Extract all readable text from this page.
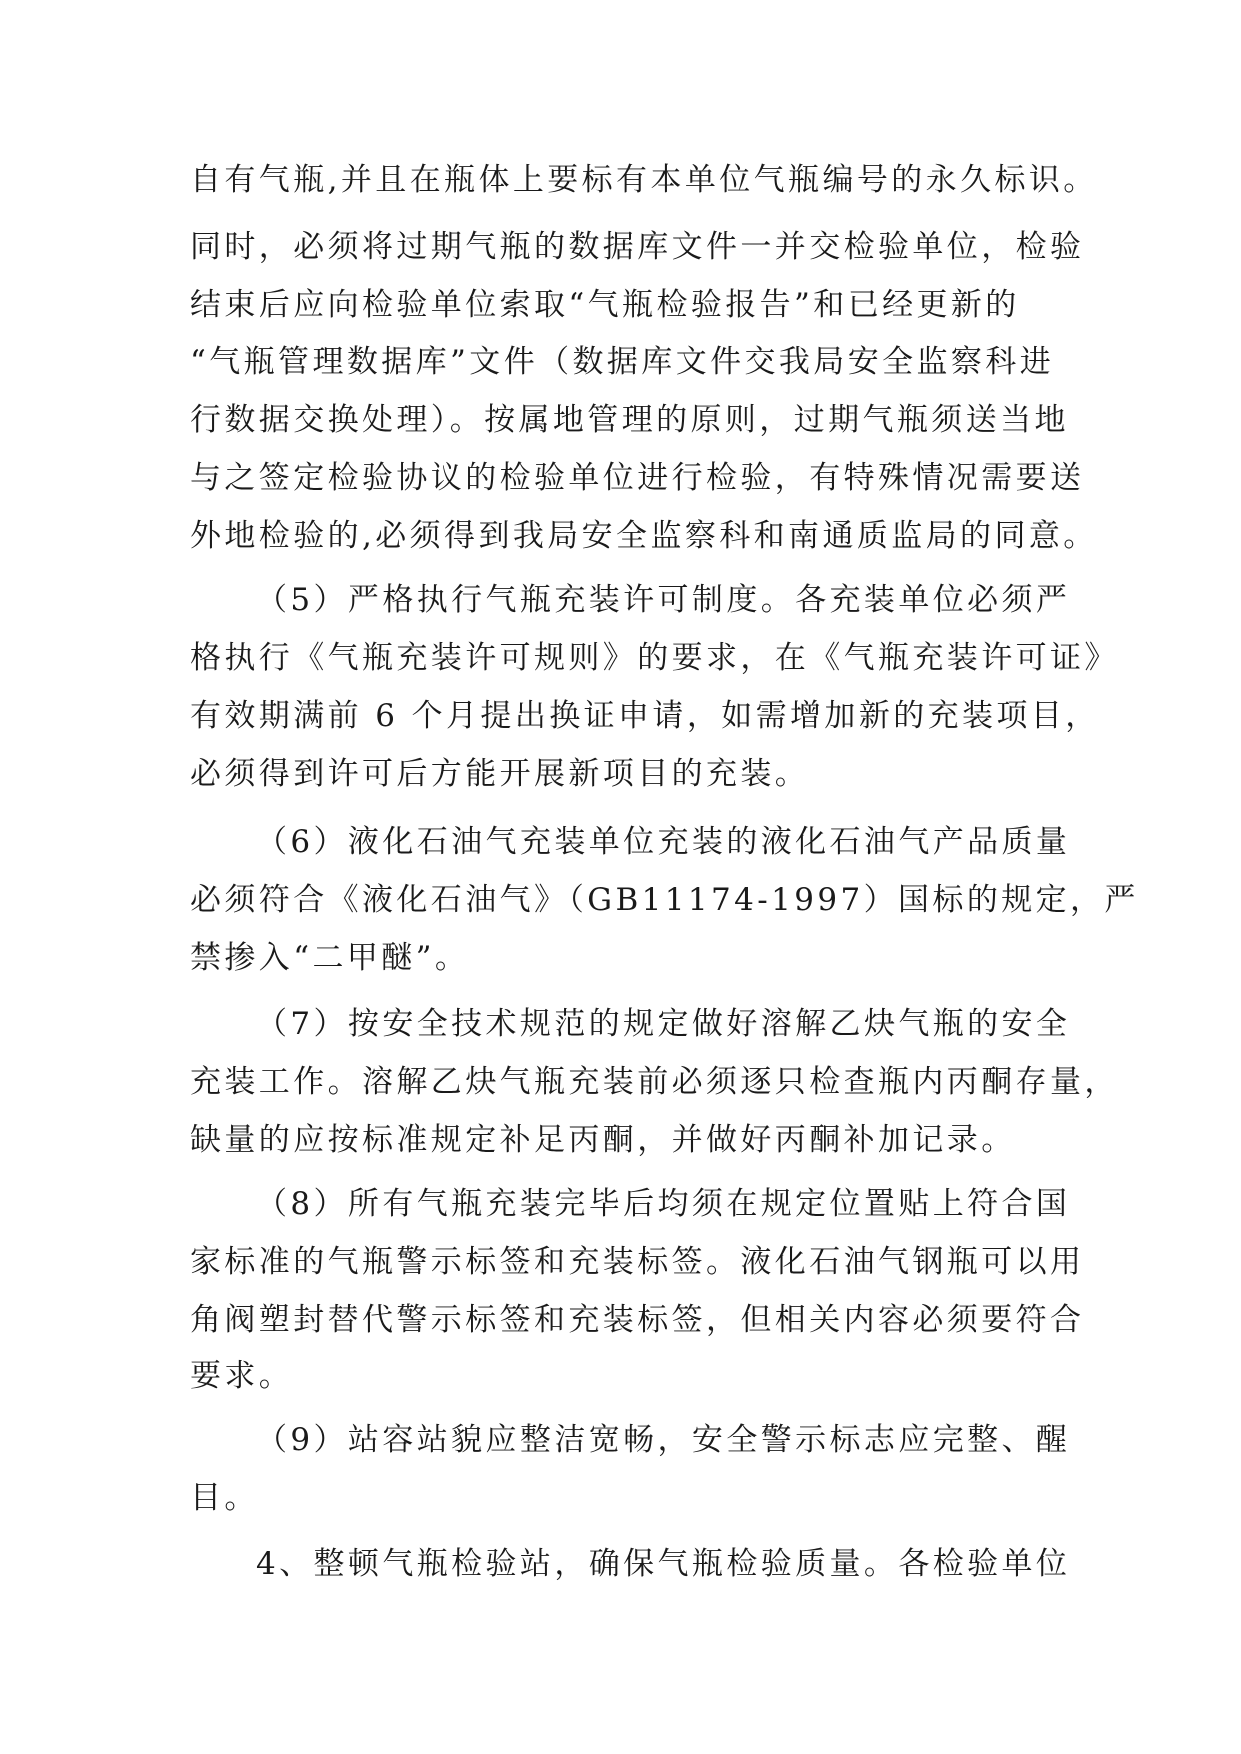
自有气瓶,并且在瓶体上要标有本单位气瓶编号的永久标识。
同时，必须将过期气瓶的数据库文件一并交检验单位，检验
结束后应向检验单位索取“气瓶检验报告”和已经更新的
“气瓶管理数据库”文件（数据库文件交我局安全监察科进
行数据交换处理）。按属地管理的原则，过期气瓶须送当地
与之签定检验协议的检验单位进行检验，有特殊情况需要送
外地检验的,必须得到我局安全监察科和南通质监局的同意。
（5）严格执行气瓶充装许可制度。各充装单位必须严
格执行《气瓶充装许可规则》的要求，在《气瓶充装许可证》
有效期满前 6 个月提出换证申请，如需增加新的充装项目，
必须得到许可后方能开展新项目的充装。
（6）液化石油气充装单位充装的液化石油气产品质量
必须符合《液化石油气》（GB11174-1997）国标的规定，严
禁掺入“二甲醚”。
（7）按安全技术规范的规定做好溶解乙炔气瓶的安全
充装工作。溶解乙炔气瓶充装前必须逐只检查瓶内丙酮存量，
缺量的应按标准规定补足丙酮，并做好丙酮补加记录。
（8）所有气瓶充装完毕后均须在规定位置贴上符合国
家标准的气瓶警示标签和充装标签。液化石油气钢瓶可以用
角阀塑封替代警示标签和充装标签，但相关内容必须要符合
要求。
（9）站容站貌应整洁宽畅，安全警示标志应完整、醒
目。
4、整顿气瓶检验站，确保气瓶检验质量。各检验单位
